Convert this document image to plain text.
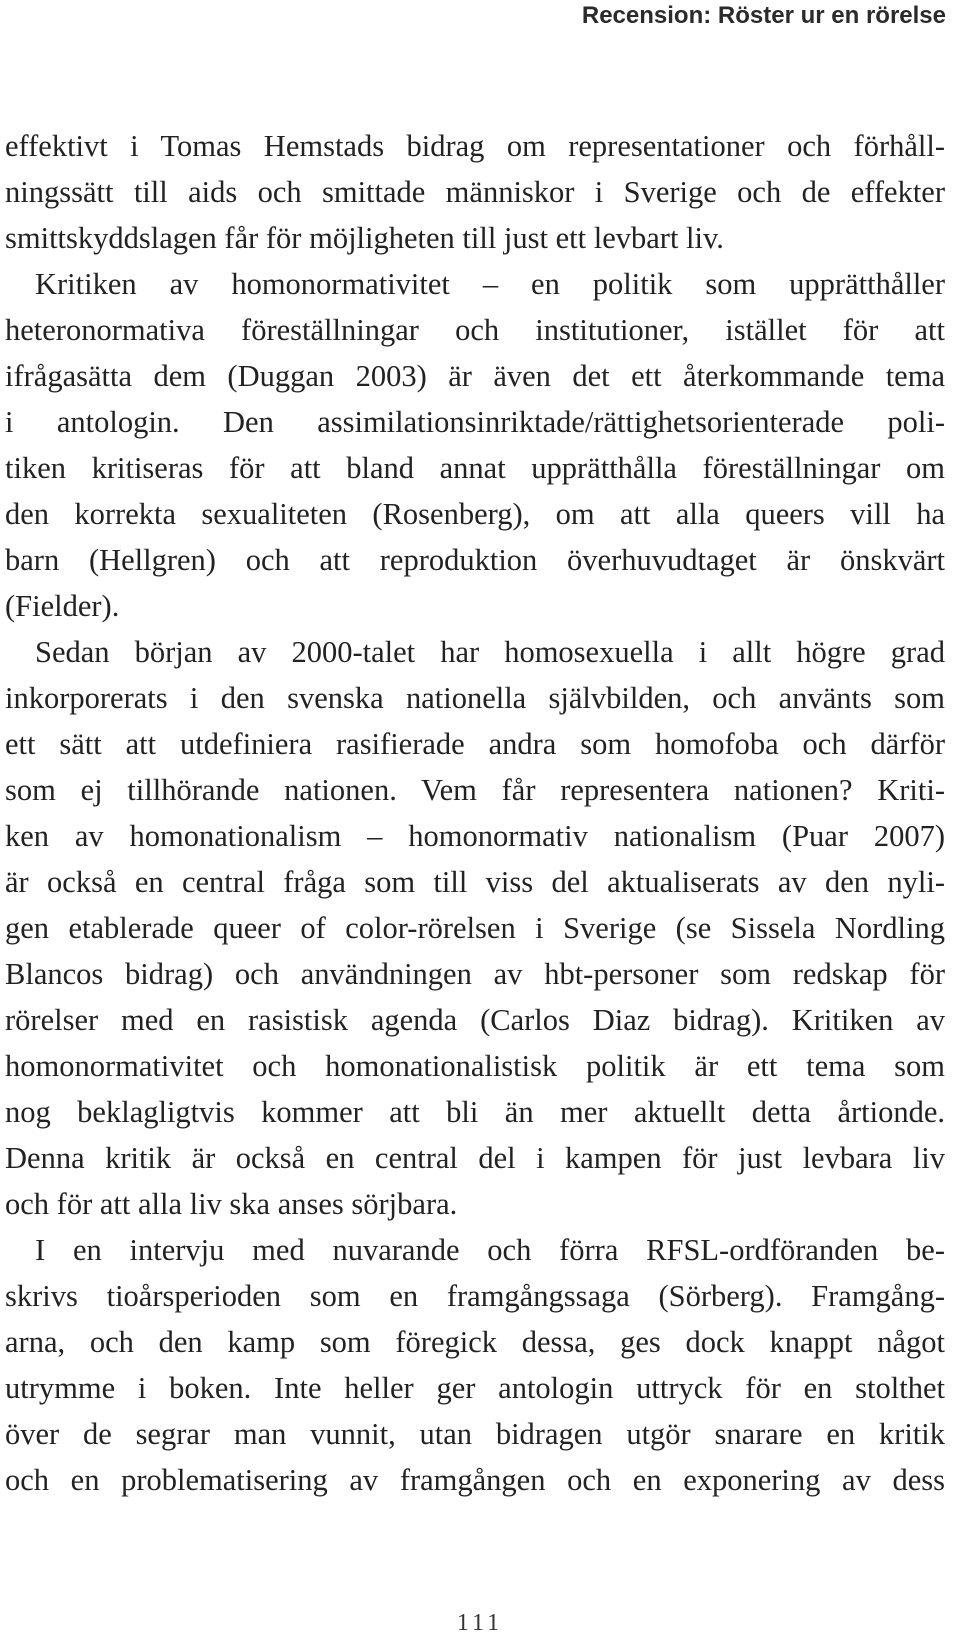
Recension: Röster ur en rörelse
effektivt i Tomas Hemstads bidrag om representationer och förhåll-
ningssätt till aids och smittade människor i Sverige och de effekter
smittskyddslagen får för möjligheten till just ett levbart liv.
Kritiken av homonormativitet – en politik som upprätthåller
heteronormativa föreställningar och institutioner, istället för att
ifrågasätta dem (Duggan 2003) är även det ett återkommande tema
i antologin. Den assimilationsinriktade/rättighetsorienterade poli-
tiken kritiseras för att bland annat upprätthålla föreställningar om
den korrekta sexualiteten (Rosenberg), om att alla queers vill ha
barn (Hellgren) och att reproduktion överhuvudtaget är önskvärt
(Fielder).
Sedan början av 2000-talet har homosexuella i allt högre grad
inkorporerats i den svenska nationella självbilden, och använts som
ett sätt att utdefiniera rasifierade andra som homofoba och därför
som ej tillhörande nationen. Vem får representera nationen? Kriti-
ken av homonationalism – homonormativ nationalism (Puar 2007)
är också en central fråga som till viss del aktualiserats av den nyli-
gen etablerade queer of color-rörelsen i Sverige (se Sissela Nordling
Blancos bidrag) och användningen av hbt-personer som redskap för
rörelser med en rasistisk agenda (Carlos Diaz bidrag). Kritiken av
homonormativitet och homonationalistisk politik är ett tema som
nog beklagligtvis kommer att bli än mer aktuellt detta årtionde.
Denna kritik är också en central del i kampen för just levbara liv
och för att alla liv ska anses sörjbara.
I en intervju med nuvarande och förra RFSL-ordföranden be-
skrivs tioårsperioden som en framgångssaga (Sörberg). Framgång-
arna, och den kamp som föregick dessa, ges dock knappt något
utrymme i boken. Inte heller ger antologin uttryck för en stolthet
över de segrar man vunnit, utan bidragen utgör snarare en kritik
och en problematisering av framgången och en exponering av dess
111
